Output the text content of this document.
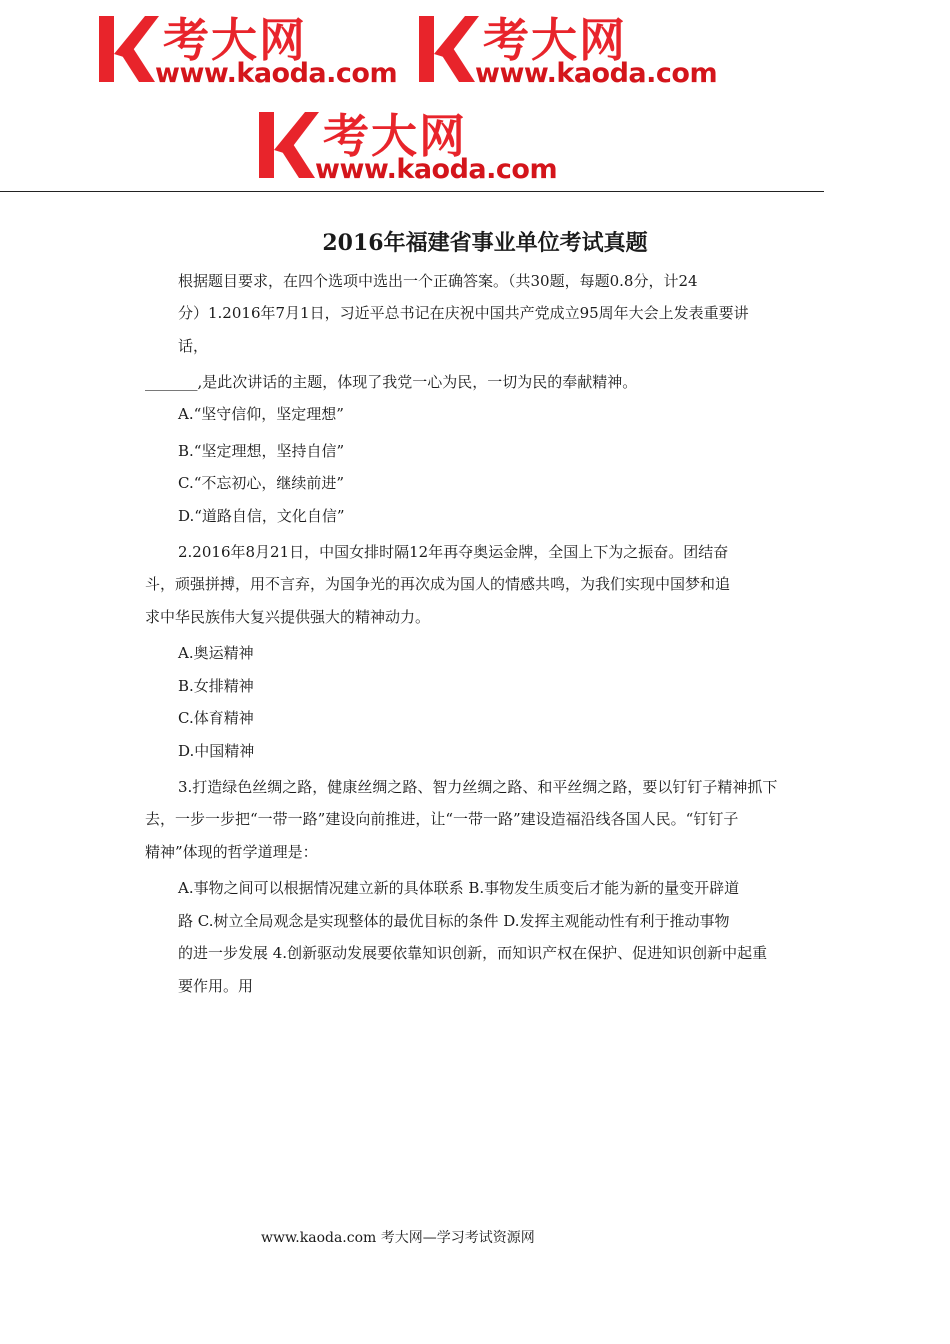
考大网
www.kaoda.com
考大网
www.kaoda.com
考大网
www.kaoda.com
2016年福建省事业单位考试真题
根据题目要求，在四个选项中选出一个正确答案。（共30题，每题0.8分，计24
分）1.2016年7月1日，习近平总书记在庆祝中国共产党成立95周年大会上发表重要讲
话，
_______,是此次讲话的主题，体现了我党一心为民，一切为民的奉献精神。
A.“坚守信仰，坚定理想”
B.“坚定理想，坚持自信”
C.“不忘初心，继续前进”
D.“道路自信，文化自信”
2.2016年8月21日，中国女排时隔12年再夺奥运金牌，全国上下为之振奋。团结奋
斗，顽强拼搏，用不言弃，为国争光的再次成为国人的情感共鸣，为我们实现中国梦和追
求中华民族伟大复兴提供强大的精神动力。
A.奥运精神
B.女排精神
C.体育精神
D.中国精神
3.打造绿色丝绸之路，健康丝绸之路、智力丝绸之路、和平丝绸之路，要以钉钉子精神抓下
去，一步一步把“一带一路”建设向前推进，让“一带一路”建设造福沿线各国人民。“钉钉子
精神”体现的哲学道理是：
A.事物之间可以根据情况建立新的具体联系 B.事物发生质变后才能为新的量变开辟道
路 C.树立全局观念是实现整体的最优目标的条件 D.发挥主观能动性有利于推动事物
的进一步发展 4.创新驱动发展要依靠知识创新，而知识产权在保护、促进知识创新中起重
要作用。用
www.kaoda.com 考大网—学习考试资源网
